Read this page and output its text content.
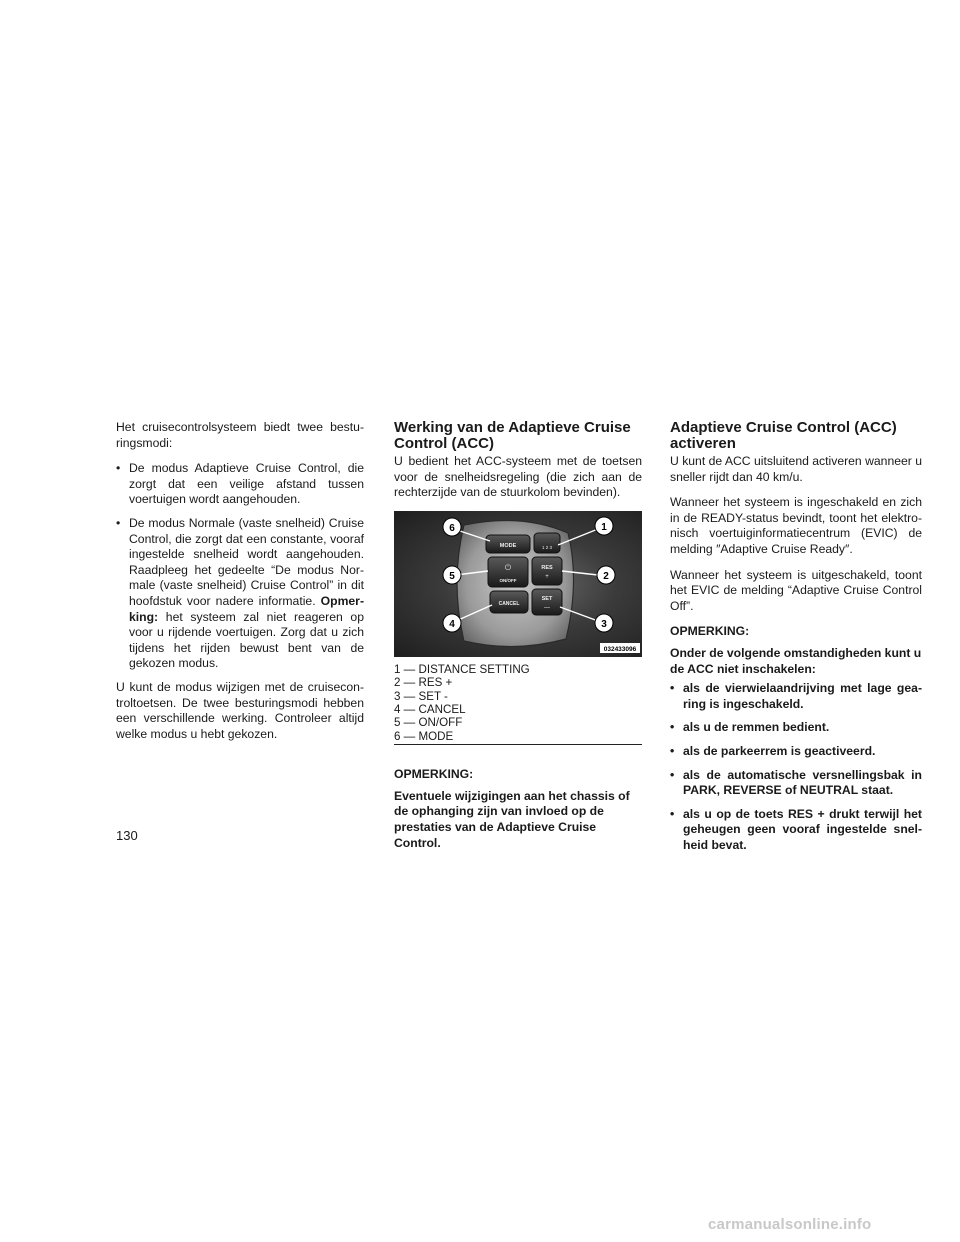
Het cruisecontrolsysteem biedt twee besturingsmodi:

• De modus Adaptieve Cruise Control, die zorgt dat een veilige afstand tussen voertuigen wordt aangehouden.
• De modus Normale (vaste snelheid) Cruise Control, die zorgt dat een constante, vooraf ingestelde snelheid wordt aangehouden. Raadpleeg het gedeelte “De modus Normale (vaste snelheid) Cruise Control” in dit hoofdstuk voor nadere informatie. Opmerking: het systeem zal niet reageren op voor u rijdende voertuigen. Zorg dat u zich tijdens het rijden bewust bent van de gekozen modus.

U kunt de modus wijzigen met de cruisecontroltoetsen. De twee besturingsmodi hebben een verschillende werking. Controleer altijd welke modus u hebt gekozen.

Werking van de Adaptieve Cruise Control (ACC)

U bedient het ACC-systeem met de toetsen voor de snelheidsregeling (die zich aan de rechterzijde van de stuurkolom bevinden).

MODE	1 2 3
⏻
ON/OFF
RES
+
CANCEL
SET
—
6	1
5	2
4	3
032433096
1 — DISTANCE SETTING
2 — RES +
3 — SET -
4 — CANCEL
5 — ON/OFF
6 — MODE

OPMERKING:

Eventuele wijzigingen aan het chassis of de ophanging zijn van invloed op de prestaties van de Adaptieve Cruise Control.

Adaptieve Cruise Control (ACC) activeren

U kunt de ACC uitsluitend activeren wanneer u sneller rijdt dan 40 km/u.

Wanneer het systeem is ingeschakeld en zich in de READY-status bevindt, toont het elektronisch voertuiginformatiecentrum (EVIC) de melding ″Adaptive Cruise Ready″.

Wanneer het systeem is uitgeschakeld, toont het EVIC de melding “Adaptive Cruise Control Off”.

OPMERKING:

Onder de volgende omstandigheden kunt u de ACC niet inschakelen:

• als de vierwielaandrijving met lage gearing is ingeschakeld.
• als u de remmen bedient.
• als de parkeerrem is geactiveerd.
• als de automatische versnellingsbak in PARK, REVERSE of NEUTRAL staat.
• als u op de toets RES + drukt terwijl het geheugen geen vooraf ingestelde snelheid bevat.
130
carmanualsonline.info
